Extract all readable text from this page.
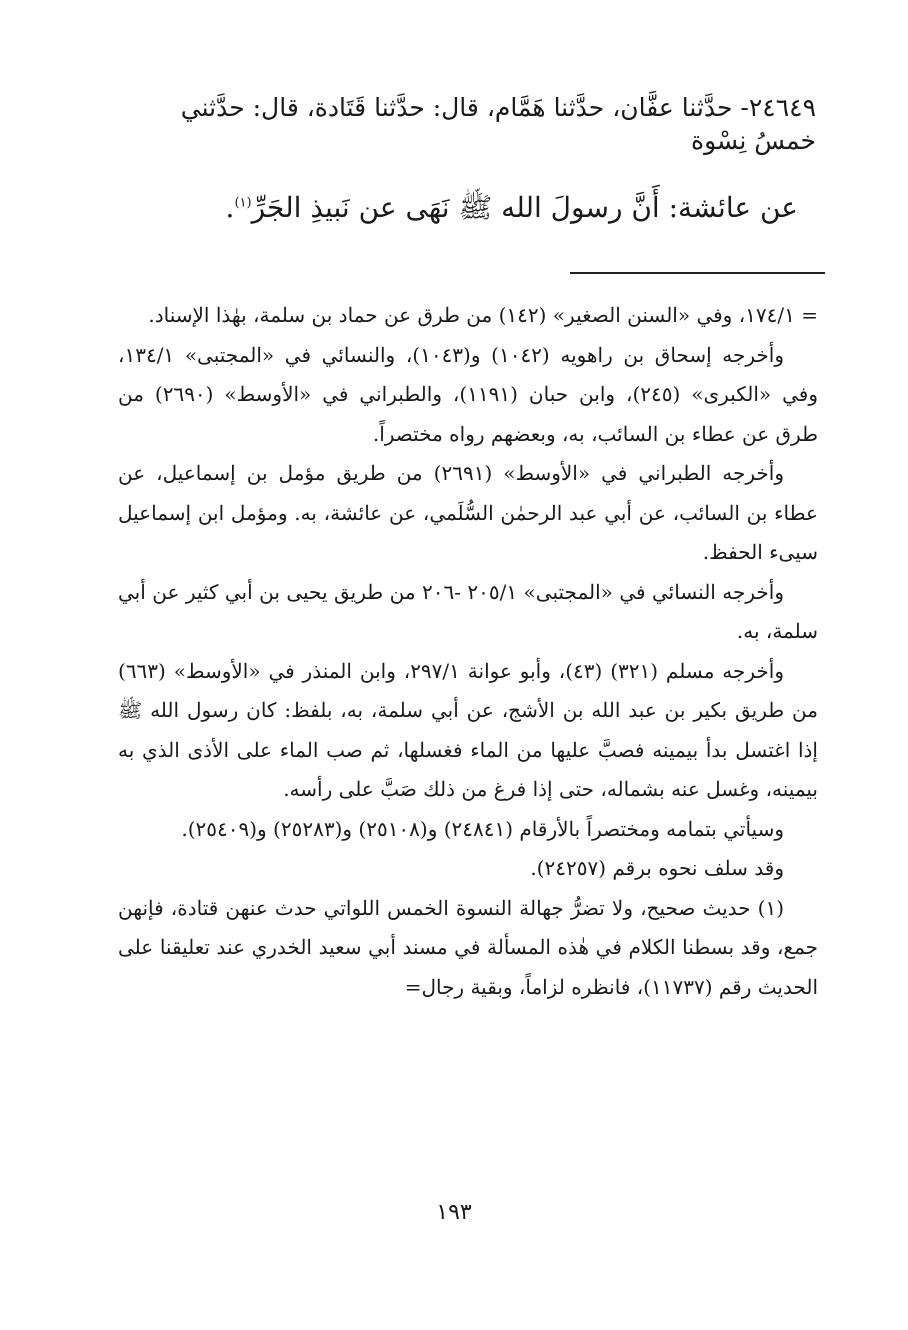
٢٤٦٤٩- حدَّثنا عفَّان، حدَّثنا هَمَّام، قال: حدَّثنا قَتَادة، قال: حدَّثني خمسُ نِسْوة
عن عائشة: أَنَّ رسولَ الله ﷺ نَهَى عن نَبيذِ الجَرِّ$^{(١)}$.

= ١٧٤/١، وفي «السنن الصغير» (١٤٢) من طرق عن حماد بن سلمة، بهٰذا الإسناد.

وأخرجه إسحاق بن راهويه (١٠٤٢) و(١٠٤٣)، والنسائي في «المجتبى» ١٣٤/١، وفي «الكبرى» (٢٤٥)، وابن حبان (١١٩١)، والطبراني في «الأوسط» (٢٦٩٠) من طرق عن عطاء بن السائب، به، وبعضهم رواه مختصراً.

وأخرجه الطبراني في «الأوسط» (٢٦٩١) من طريق مؤمل بن إسماعيل، عن عطاء بن السائب، عن أبي عبد الرحمٰن السُّلَمي، عن عائشة، به. ومؤمل ابن إسماعيل سيىء الحفظ.

وأخرجه النسائي في «المجتبى» ٢٠٥/١ -٢٠٦ من طريق يحيى بن أبي كثير عن أبي سلمة، به.

وأخرجه مسلم (٣٢١) (٤٣)، وأبو عوانة ٢٩٧/١، وابن المنذر في «الأوسط» (٦٦٣) من طريق بكير بن عبد الله بن الأشج، عن أبي سلمة، به، بلفظ: كان رسول الله ﷺ إذا اغتسل بدأ بيمينه فصبَّ عليها من الماء فغسلها، ثم صب الماء على الأذى الذي به بيمينه، وغسل عنه بشماله، حتى إذا فرغ من ذلك صَبَّ على رأسه.

وسيأتي بتمامه ومختصراً بالأرقام (٢٤٨٤١) و(٢٥١٠٨) و(٢٥٢٨٣) و(٢٥٤٠٩).

وقد سلف نحوه برقم (٢٤٢٥٧).

(١) حديث صحيح، ولا تضرُّ جهالة النسوة الخمس اللواتي حدث عنهن قتادة، فإنهن جمع، وقد بسطنا الكلام في هٰذه المسألة في مسند أبي سعيد الخدري عند تعليقنا على الحديث رقم (١١٧٣٧)، فانظره لزاماً، وبقية رجال=

١٩٣
